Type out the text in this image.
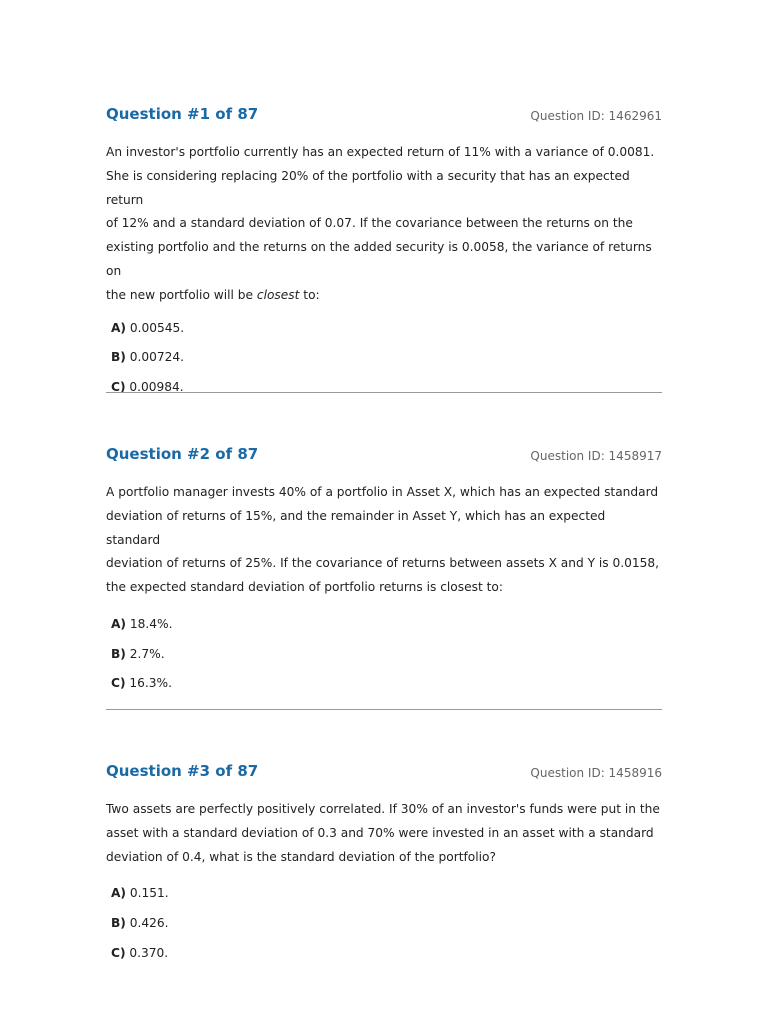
Question #1 of 87	Question ID: 1462961
An investor's portfolio currently has an expected return of 11% with a variance of 0.0081.
She is considering replacing 20% of the portfolio with a security that has an expected return
of 12% and a standard deviation of 0.07. If the covariance between the returns on the
existing portfolio and the returns on the added security is 0.0058, the variance of returns on
the new portfolio will be closest to:
A) 0.00545.
B) 0.00724.
C) 0.00984.
Question #2 of 87	Question ID: 1458917
A portfolio manager invests 40% of a portfolio in Asset X, which has an expected standard
deviation of returns of 15%, and the remainder in Asset Y, which has an expected standard
deviation of returns of 25%. If the covariance of returns between assets X and Y is 0.0158,
the expected standard deviation of portfolio returns is closest to:
A) 18.4%.
B) 2.7%.
C) 16.3%.
Question #3 of 87	Question ID: 1458916
Two assets are perfectly positively correlated. If 30% of an investor's funds were put in the
asset with a standard deviation of 0.3 and 70% were invested in an asset with a standard
deviation of 0.4, what is the standard deviation of the portfolio?
A) 0.151.
B) 0.426.
C) 0.370.
